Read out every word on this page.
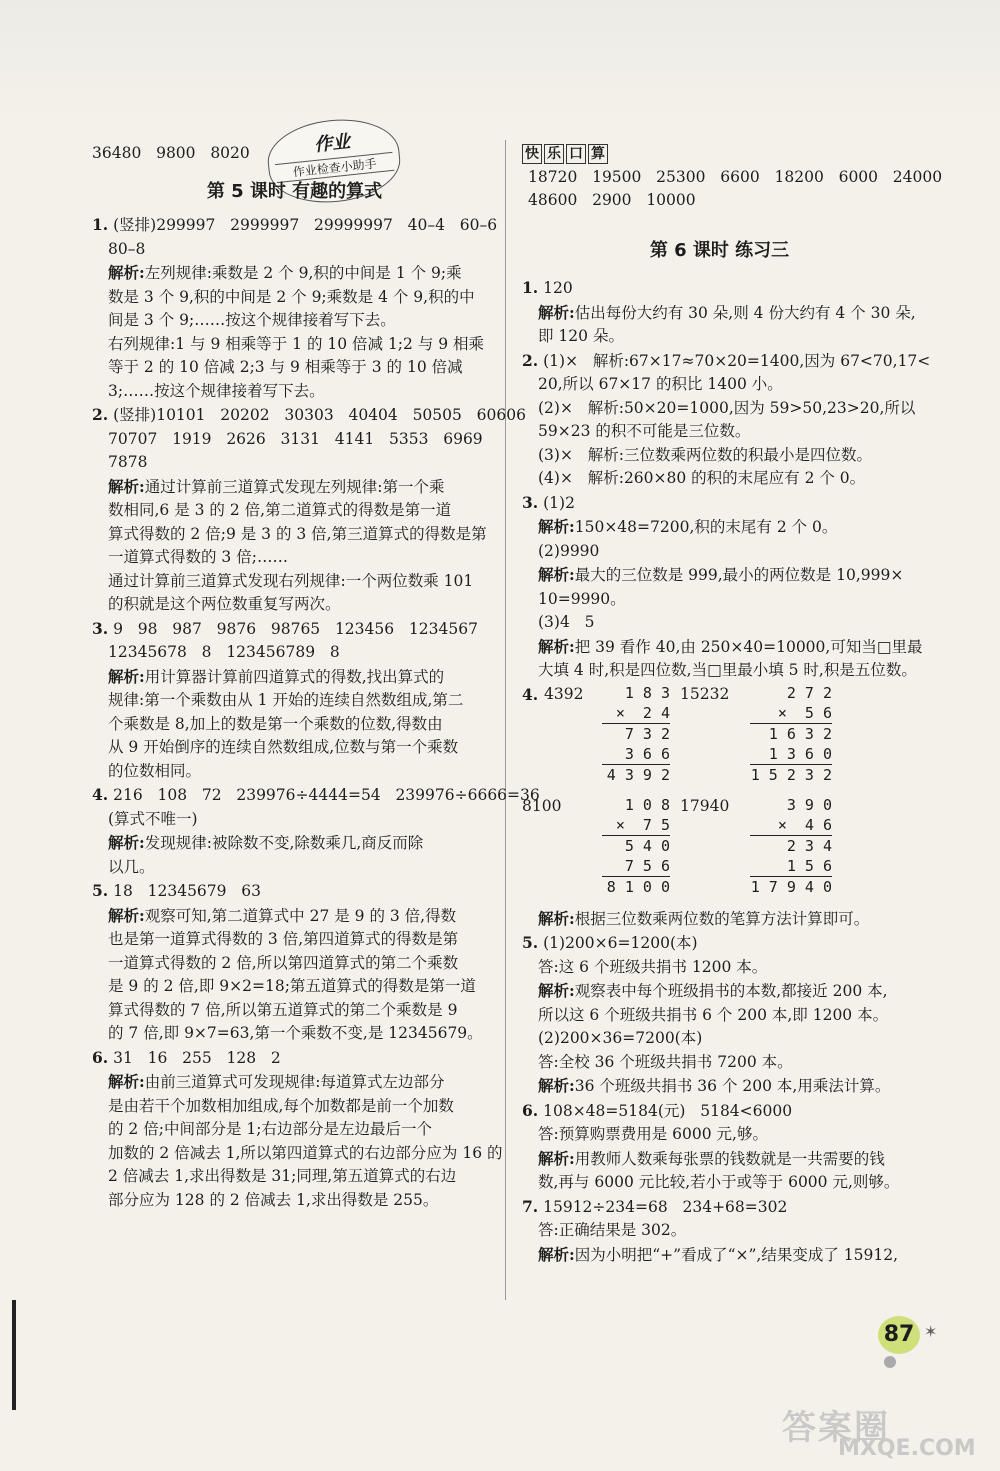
作业
作业检查小助手
36480   9800   8020
第 5 课时 有趣的算式
1. (竖排)299997   2999997   29999997   40–4   60–6
80–8
解析:左列规律:乘数是 2 个 9,积的中间是 1 个 9;乘
数是 3 个 9,积的中间是 2 个 9;乘数是 4 个 9,积的中
间是 3 个 9;……按这个规律接着写下去。
右列规律:1 与 9 相乘等于 1 的 10 倍减 1;2 与 9 相乘
等于 2 的 10 倍减 2;3 与 9 相乘等于 3 的 10 倍减
3;……按这个规律接着写下去。
2. (竖排)10101   20202   30303   40404   50505   60606
70707   1919   2626   3131   4141   5353   6969
7878
解析:通过计算前三道算式发现左列规律:第一个乘
数相同,6 是 3 的 2 倍,第二道算式的得数是第一道
算式得数的 2 倍;9 是 3 的 3 倍,第三道算式的得数是第
一道算式得数的 3 倍;……
通过计算前三道算式发现右列规律:一个两位数乘 101
的积就是这个两位数重复写两次。
3. 9   98   987   9876   98765   123456   1234567
12345678   8   123456789   8
解析:用计算器计算前四道算式的得数,找出算式的
规律:第一个乘数由从 1 开始的连续自然数组成,第二
个乘数是 8,加上的数是第一个乘数的位数,得数由
从 9 开始倒序的连续自然数组成,位数与第一个乘数
的位数相同。
4. 216   108   72   239976÷4444=54   239976÷6666=36
(算式不唯一)
解析:发现规律:被除数不变,除数乘几,商反而除
以几。
5. 18   12345679   63
解析:观察可知,第二道算式中 27 是 9 的 3 倍,得数
也是第一道算式得数的 3 倍,第四道算式的得数是第
一道算式得数的 2 倍,所以第四道算式的第二个乘数
是 9 的 2 倍,即 9×2=18;第五道算式的得数是第一道
算式得数的 7 倍,所以第五道算式的第二个乘数是 9
的 7 倍,即 9×7=63,第一个乘数不变,是 12345679。
6. 31   16   255   128   2
解析:由前三道算式可发现规律:每道算式左边部分
是由若干个加数相加组成,每个加数都是前一个加数
的 2 倍;中间部分是 1;右边部分是左边最后一个
加数的 2 倍减去 1,所以第四道算式的右边部分应为 16 的
2 倍减去 1,求出得数是 31;同理,第五道算式的右边
部分应为 128 的 2 倍减去 1,求出得数是 255。
快 乐 口 算
18720   19500   25300   6600   18200   6000   24000
48600   2900   10000
第 6 课时 练习三
1. 120
解析:估出每份大约有 30 朵,则 4 份大约有 4 个 30 朵,
即 120 朵。
2. (1)×   解析:67×17≈70×20=1400,因为 67<70,17<
20,所以 67×17 的积比 1400 小。
(2)×   解析:50×20=1000,因为 59>50,23>20,所以
59×23 的积不可能是三位数。
(3)×   解析:三位数乘两位数的积最小是四位数。
(4)×   解析:260×80 的积的末尾应有 2 个 0。
3. (1)2
解析:150×48=7200,积的末尾有 2 个 0。
(2)9990
解析:最大的三位数是 999,最小的两位数是 10,999×
10=9990。
(3)4   5
解析:把 39 看作 40,由 250×40=10000,可知当□里最
大填 4 时,积是四位数,当□里最小填 5 时,积是五位数。
4. 4392	1 8 3
×  2 4
7 3 2
3 6 6
4 3 9 2
15232	2 7 2
×  5 6
1 6 3 2
1 3 6 0
1 5 2 3 2
8100	1 0 8
×  7 5
5 4 0
7 5 6
8 1 0 0
17940	3 9 0
×  4 6
2 3 4
1 5 6
1 7 9 4 0
解析:根据三位数乘两位数的笔算方法计算即可。
5. (1)200×6=1200(本)
答:这 6 个班级共捐书 1200 本。
解析:观察表中每个班级捐书的本数,都接近 200 本,
所以这 6 个班级共捐书 6 个 200 本,即 1200 本。
(2)200×36=7200(本)
答:全校 36 个班级共捐书 7200 本。
解析:36 个班级共捐书 36 个 200 本,用乘法计算。
6. 108×48=5184(元)   5184<6000
答:预算购票费用是 6000 元,够。
解析:用教师人数乘每张票的钱数就是一共需要的钱
数,再与 6000 元比较,若小于或等于 6000 元,则够。
7. 15912÷234=68   234+68=302
答:正确结果是 302。
解析:因为小明把“+”看成了“×”,结果变成了 15912,
87 ✶
答案圈
MXQE.COM
